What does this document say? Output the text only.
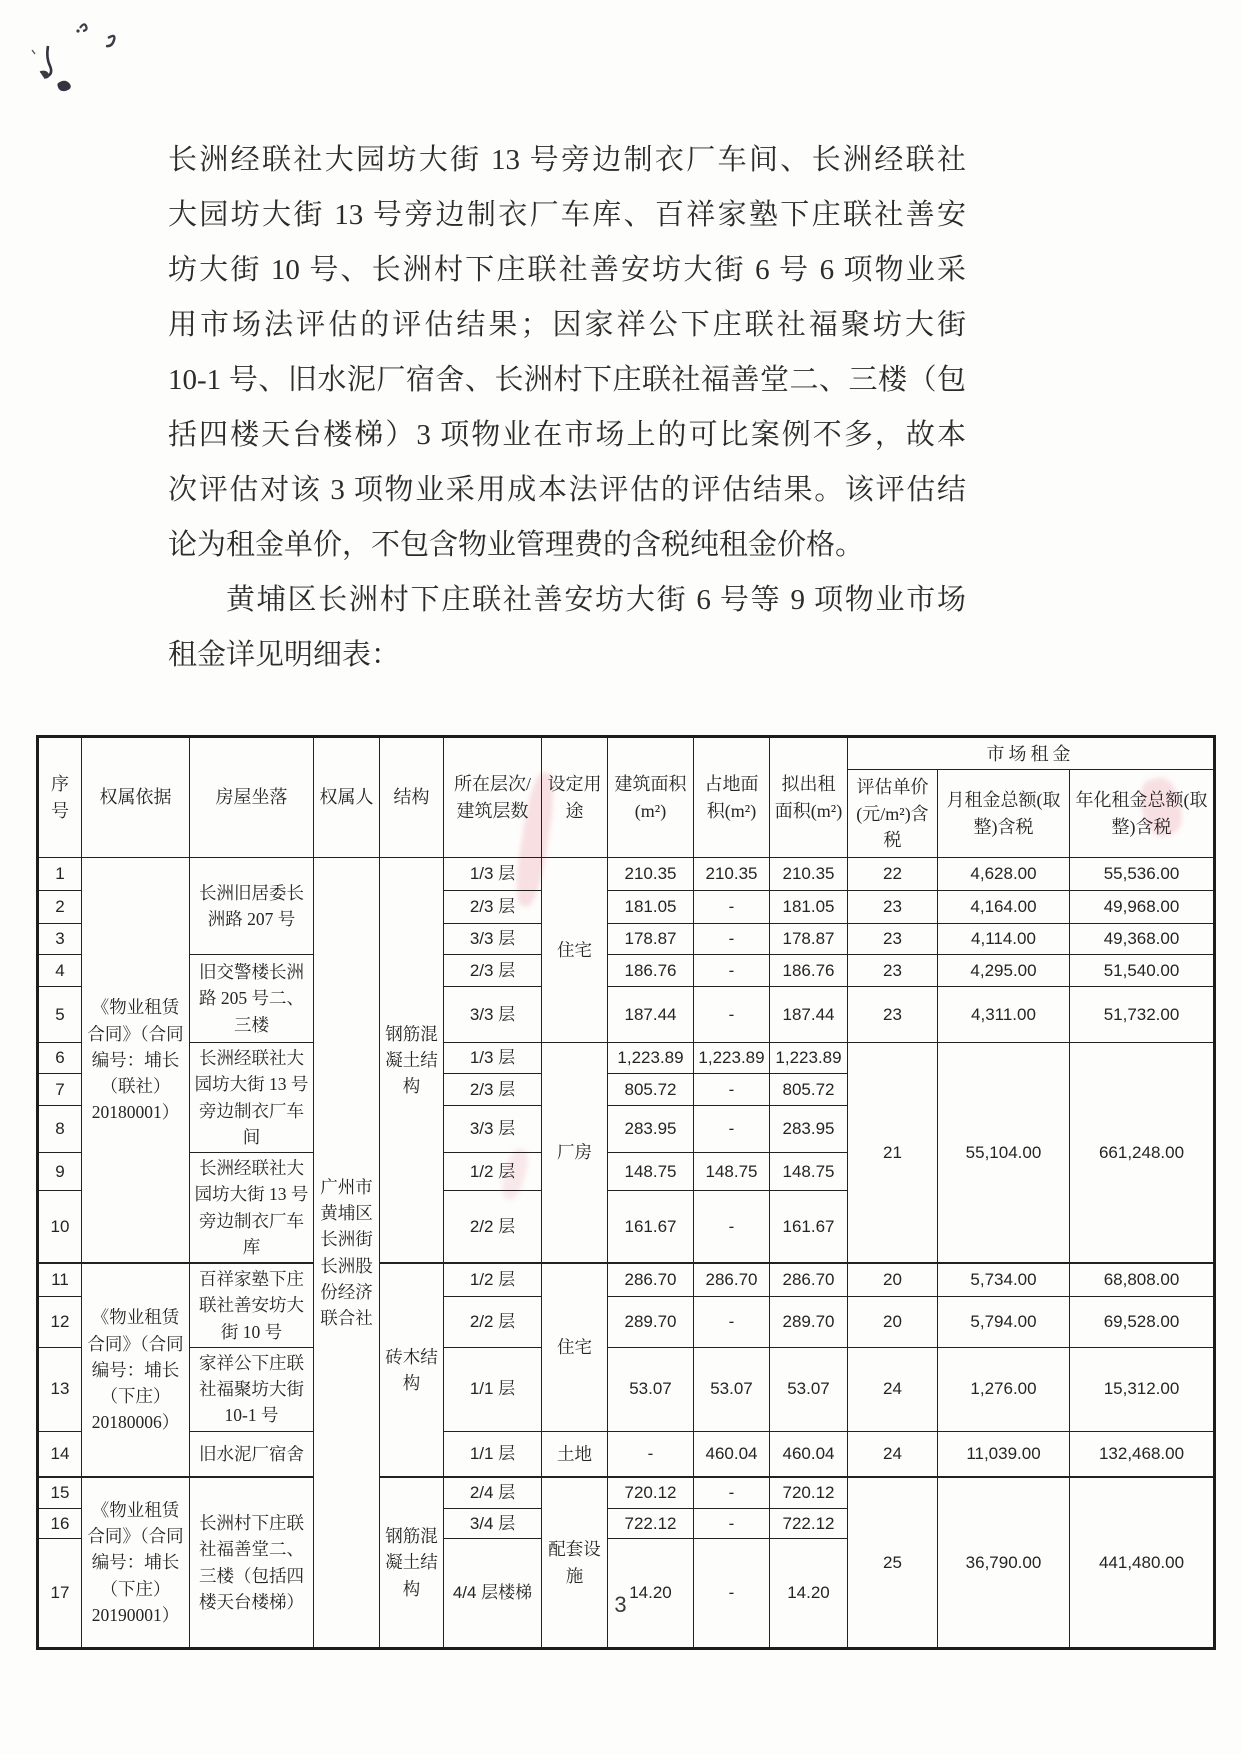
长洲经联社大园坊大街 13 号旁边制衣厂车间、长洲经联社
大园坊大街 13 号旁边制衣厂车库、百祥家塾下庄联社善安
坊大街 10 号、长洲村下庄联社善安坊大街 6 号 6 项物业采
用市场法评估的评估结果；因家祥公下庄联社福聚坊大街
10-1 号、旧水泥厂宿舍、长洲村下庄联社福善堂二、三楼（包
括四楼天台楼梯）3 项物业在市场上的可比案例不多，故本
次评估对该 3 项物业采用成本法评估的评估结果。该评估结
论为租金单价，不包含物业管理费的含税纯租金价格。
黄埔区长洲村下庄联社善安坊大街 6 号等 9 项物业市场
租金详见明细表：
序号	权属依据	房屋坐落	权属人	结构	所在层次/建筑层数	设定用途	建筑面积(m²)	占地面积(m²)	拟出租面积(m²)	市场租金		
										评估单价 (元/m²)含税	月租金总额(取整)含税	年化租金总额(取整)含税
1	《物业租赁合同》（合同编号：埔长（联社）20180001）	长洲旧居委长洲路 207 号	广州市黄埔区长洲街长洲股份经济联合社	钢筋混凝土结构	1/3 层	住宅	210.35	210.35	210.35	22	4,628.00	55,536.00
2					2/3 层		181.05	-	181.05	23	4,164.00	49,968.00
3					3/3 层		178.87	-	178.87	23	4,114.00	49,368.00
4		旧交警楼长洲路 205 号二、三楼			2/3 层		186.76	-	186.76	23	4,295.00	51,540.00
5					3/3 层		187.44	-	187.44	23	4,311.00	51,732.00
6		长洲经联社大园坊大街 13 号旁边制衣厂车间			1/3 层	厂房	1,223.89	1,223.89	1,223.89	21	55,104.00	661,248.00
7					2/3 层		805.72	-	805.72			
8					3/3 层		283.95	-	283.95			
9		长洲经联社大园坊大街 13 号旁边制衣厂车库			1/2 层		148.75	148.75	148.75			
10					2/2 层		161.67	-	161.67			
11	《物业租赁合同》（合同编号：埔长（下庄）20180006）	百祥家塾下庄联社善安坊大街 10 号		砖木结构	1/2 层	住宅	286.70	286.70	286.70	20	5,734.00	68,808.00
12					2/2 层		289.70	-	289.70	20	5,794.00	69,528.00
13		家祥公下庄联社福聚坊大街 10-1 号			1/1 层		53.07	53.07	53.07	24	1,276.00	15,312.00
14		旧水泥厂宿舍			1/1 层	土地	-	460.04	460.04	24	11,039.00	132,468.00
15	《物业租赁合同》（合同编号：埔长（下庄）20190001）	长洲村下庄联社福善堂二、三楼（包括四楼天台楼梯）		钢筋混凝土结构	2/4 层	配套设施	720.12	-	720.12	25	36,790.00	441,480.00
16					3/4 层		722.12	-	722.12			
17					4/4 层楼梯		14.20	-	14.20			
3
